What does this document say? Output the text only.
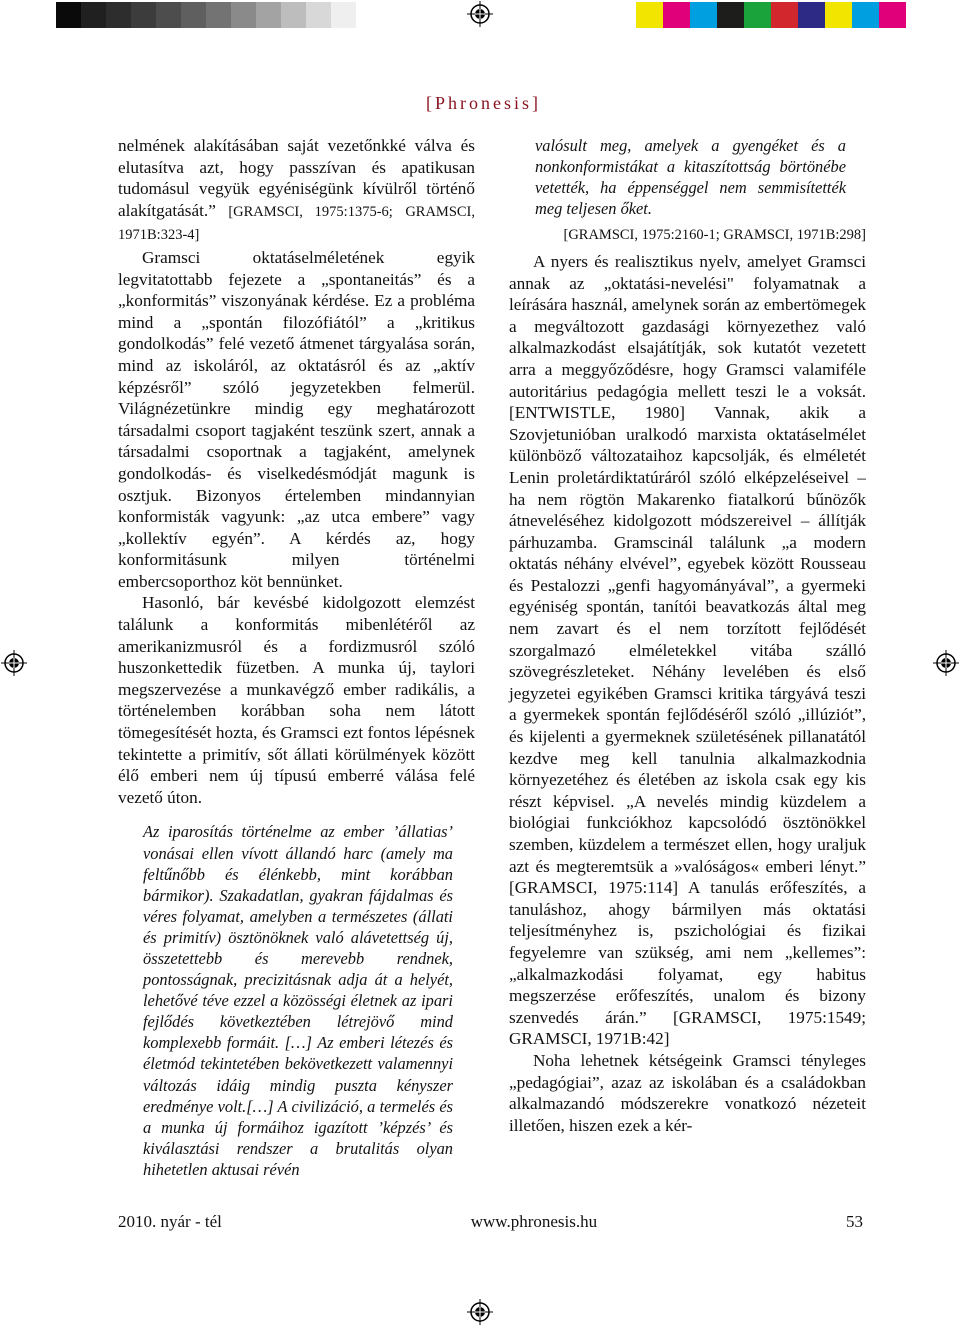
[Phronesis]

nelmének alakításában saját vezetőnkké válva és elutasítva azt, hogy passzívan és apatikusan tudomásul vegyük egyéniségünk kívülről történő alakítgatását.” [GRAMSCI, 1975:1375-6; GRAMSCI, 1971B:323-4]

Gramsci oktatáselméletének egyik legvitatottabb fejezete a „spontaneitás” és a „konformitás” viszonyának kérdése. Ez a probléma mind a „spontán filozófiától” a „kritikus gondolkodás” felé vezető átmenet tárgyalása során, mind az iskoláról, az oktatásról és az „aktív képzésről” szóló jegyzetekben felmerül. Világnézetünkre mindig egy meghatározott társadalmi csoport tagjaként teszünk szert, annak a társadalmi csoportnak a tagjaként, amelynek gondolkodás- és viselkedésmódját magunk is osztjuk. Bizonyos értelemben mindannyian konformisták vagyunk: „az utca embere” vagy „kollektív egyén”. A kérdés az, hogy konformitásunk milyen történelmi embercsoporthoz köt bennünket.

Hasonló, bár kevésbé kidolgozott elemzést találunk a konformitás mibenlétéről az amerikanizmusról és a fordizmusról szóló huszonkettedik füzetben. A munka új, taylori megszervezése a munkavégző ember radikális, a történelemben korábban soha nem látott tömegesítését hozta, és Gramsci ezt fontos lépésnek tekintette a primitív, sőt állati körülmények között élő emberi nem új típusú emberré válása felé vezető úton.

Az iparosítás történelme az ember ’állatias’ vonásai ellen vívott állandó harc (amely ma feltűnőbb és élénkebb, mint korábban bármikor). Szakadatlan, gyakran fájdalmas és véres folyamat, amelyben a természetes (állati és primitív) ösztönöknek való alávetettség új, összetettebb és merevebb rendnek, pontosságnak, precizitásnak adja át a helyét, lehetővé téve ezzel a közösségi életnek az ipari fejlődés következtében létrejövő mind komplexebb formáit. […] Az emberi létezés és életmód tekintetében bekövetkezett valamennyi változás idáig mindig puszta kényszer eredménye volt.[…] A civilizáció, a termelés és a munka új formáihoz igazított ’képzés’ és kiválasztási rendszer a brutalitás olyan hihetetlen aktusai révén

valósult meg, amelyek a gyengéket és a nonkonformistákat a kitaszítottság börtönébe vetették, ha éppenséggel nem semmisítették meg teljesen őket.

[GRAMSCI, 1975:2160-1; GRAMSCI, 1971B:298]

A nyers és realisztikus nyelv, amelyet Gramsci annak az „oktatási-nevelési" folyamatnak a leírására használ, amelynek során az embertömegek a megváltozott gazdasági környezethez való alkalmazkodást elsajátítják, sok kutatót vezetett arra a meggyőződésre, hogy Gramsci valamiféle autoritárius pedagógia mellett teszi le a voksát. [ENTWISTLE, 1980] Vannak, akik a Szovjetunióban uralkodó marxista oktatáselmélet különböző változataihoz kapcsolják, és elméletét Lenin proletárdiktatúráról szóló elképzeléseivel – ha nem rögtön Makarenko fiatalkorú bűnözők átneveléséhez kidolgozott módszereivel – állítják párhuzamba. Gramscinál találunk „a modern oktatás néhány elvével”, egyebek között Rousseau és Pestalozzi „genfi hagyományával”, a gyermeki egyéniség spontán, tanítói beavatkozás által meg nem zavart és el nem torzított fejlődését szorgalmazó elméletekkel vitába szálló szövegrészleteket. Néhány levelében és első jegyzetei egyikében Gramsci kritika tárgyává teszi a gyermekek spontán fejlődéséről szóló „illúziót”, és kijelenti a gyermeknek születésének pillanatától kezdve meg kell tanulnia alkalmazkodnia környezetéhez és életében az iskola csak egy kis részt képvisel. „A nevelés mindig küzdelem a biológiai funkciókhoz kapcsolódó ösztönökkel szemben, küzdelem a természet ellen, hogy uraljuk azt és megteremtsük a »valóságos« emberi lényt.” [GRAMSCI, 1975:114] A tanulás erőfeszítés, a tanuláshoz, ahogy bármilyen más oktatási teljesítményhez is, pszichológiai és fizikai fegyelemre van szükség, ami nem „kellemes”: „alkalmazkodási folyamat, egy habitus megszerzése erőfeszítés, unalom és bizony szenvedés árán.” [GRAMSCI, 1975:1549; GRAMSCI, 1971B:42]

Noha lehetnek kétségeink Gramsci tényleges „pedagógiai”, azaz az iskolában és a családokban alkalmazandó módszerekre vonatkozó nézeteit illetően, hiszen ezek a kér-

2010. nyár - tél	www.phronesis.hu	53
